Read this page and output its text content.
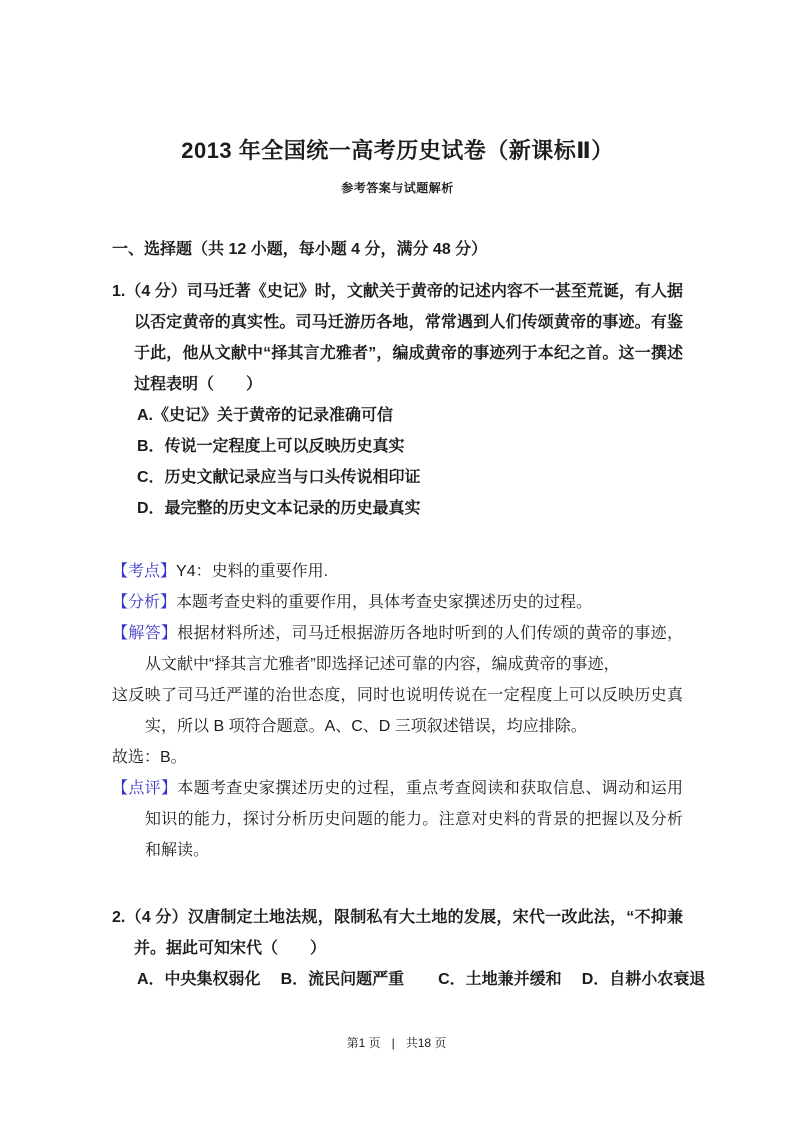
2013 年全国统一高考历史试卷（新课标Ⅱ）
参考答案与试题解析
一、选择题（共 12 小题，每小题 4 分，满分 48 分）

1.（4 分）司马迁著《史记》时，文献关于黄帝的记述内容不一甚至荒诞，有人据以否定黄帝的真实性。司马迁游历各地，常常遇到人们传颂黄帝的事迹。有鉴于此，他从文献中“择其言尤雅者”，编成黄帝的事迹列于本纪之首。这一撰述过程表明（　　）

A.《史记》关于黄帝的记录准确可信
B．传说一定程度上可以反映历史真实
C．历史文献记录应当与口头传说相印证
D．最完整的历史文本记录的历史最真实

【考点】Y4：史料的重要作用.

【分析】本题考查史料的重要作用，具体考查史家撰述历史的过程。

【解答】根据材料所述，司马迁根据游历各地时听到的人们传颂的黄帝的事迹，从文献中“择其言尤雅者”即选择记述可靠的内容，编成黄帝的事迹，

这反映了司马迁严谨的治世态度，同时也说明传说在一定程度上可以反映历史真实，所以 B 项符合题意。A、C、D 三项叙述错误，均应排除。

故选：B。

【点评】本题考查史家撰述历史的过程，重点考查阅读和获取信息、调动和运用知识的能力，探讨分析历史问题的能力。注意对史料的背景的把握以及分析和解读。

2.（4 分）汉唐制定土地法规，限制私有大土地的发展，宋代一改此法，“不抑兼并。据此可知宋代（　　）

A．中央集权弱化 B．流民问题严重 C．土地兼并缓和 D．自耕小农衰退
第1 页 | 共18 页
